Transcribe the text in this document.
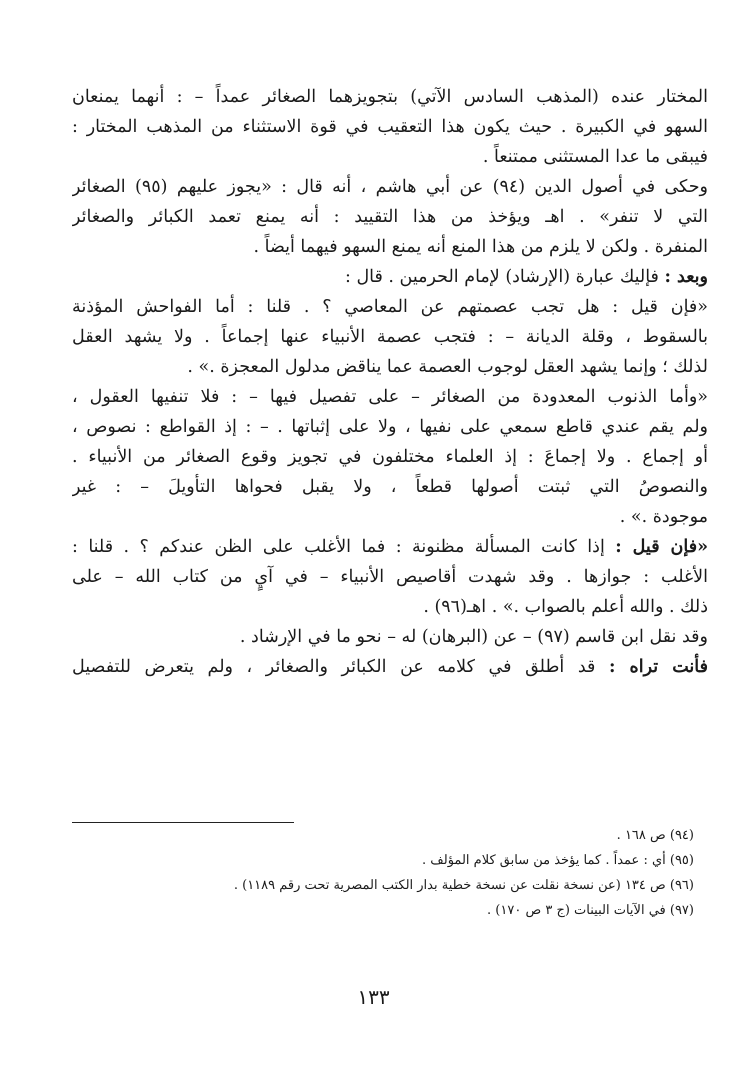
المختار عنده (المذهب السادس الآتي) بتجويزهما الصغائر عمداً – : أنهما يمنعان
السهو في الكبيرة . حيث يكون هذا التعقيب في قوة الاستثناء من المذهب المختار :
فيبقى ما عدا المستثنى ممتنعاً .
وحكى في أصول الدين (٩٤) عن أبي هاشم ، أنه قال : «يجوز عليهم (٩٥) الصغائر
التي لا تنفر» . اهـ ويؤخذ من هذا التقييد : أنه يمنع تعمد الكبائر والصغائر
المنفرة . ولكن لا يلزم من هذا المنع أنه يمنع السهو فيهما أيضاً .
وبعد : فإليك عبارة (الإرشاد) لإمام الحرمين . قال :
«فإن قيل : هل تجب عصمتهم عن المعاصي ؟ . قلنا : أما الفواحش المؤذنة
بالسقوط ، وقلة الديانة – : فتجب عصمة الأنبياء عنها إجماعاً . ولا يشهد العقل
لذلك ؛ وإنما يشهد العقل لوجوب العصمة عما يناقض مدلول المعجزة .» .
«وأما الذنوب المعدودة من الصغائر – على تفصيل فيها – : فلا تنفيها العقول ،
ولم يقم عندي قاطع سمعي على نفيها ، ولا على إثباتها . – : إذ القواطع : نصوص ،
أو إجماع . ولا إجماعَ : إذ العلماء مختلفون في تجويز وقوع الصغائر من الأنبياء .
والنصوصُ التي ثبتت أصولها قطعاً ، ولا يقبل فحواها التأويلَ – : غير
موجودة .» .
«فإن قيل : إذا كانت المسألة مظنونة : فما الأغلب على الظن عندكم ؟ . قلنا :
الأغلب : جوازها . وقد شهدت أقاصيص الأنبياء – في آيٍ من كتاب الله – على
ذلك . والله أعلم بالصواب .» . اهـ(٩٦) .
وقد نقل ابن قاسم (٩٧) – عن (البرهان) له – نحو ما في الإرشاد .
فأنت تراه : قد أطلق في كلامه عن الكبائر والصغائر ، ولم يتعرض للتفصيل
(٩٤) ص ١٦٨ .
(٩٥) أي : عمداً . كما يؤخذ من سابق كلام المؤلف .
(٩٦) ص ١٣٤ (عن نسخة نقلت عن نسخة خطية بدار الكتب المصرية تحت رقم ١١٨٩) .
(٩٧) في الآيات البينات (ج ٣ ص ١٧٠) .
١٣٣
